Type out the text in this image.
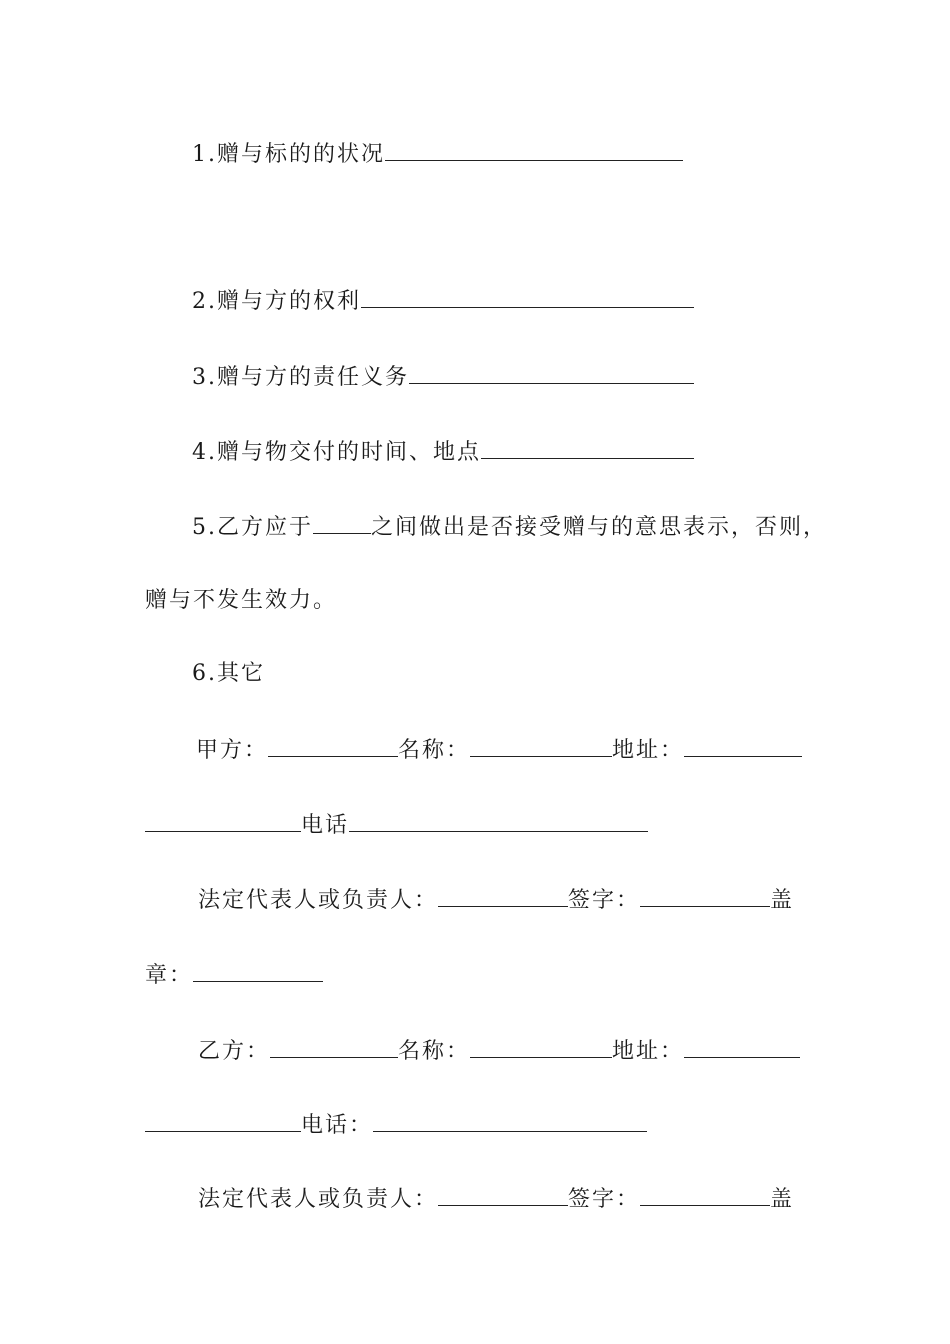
1.赠与标的的状况
2.赠与方的权利
3.赠与方的责任义务
4.赠与物交付的时间、地点
5.乙方应于	之间做出是否接受赠与的意思表示，否则，
赠与不发生效力。
6.其它
甲方：	名称：	地址：
电话
法定代表人或负责人：	签字：	盖
章：
乙方：	名称：	地址：
电话：
法定代表人或负责人：	签字：	盖
